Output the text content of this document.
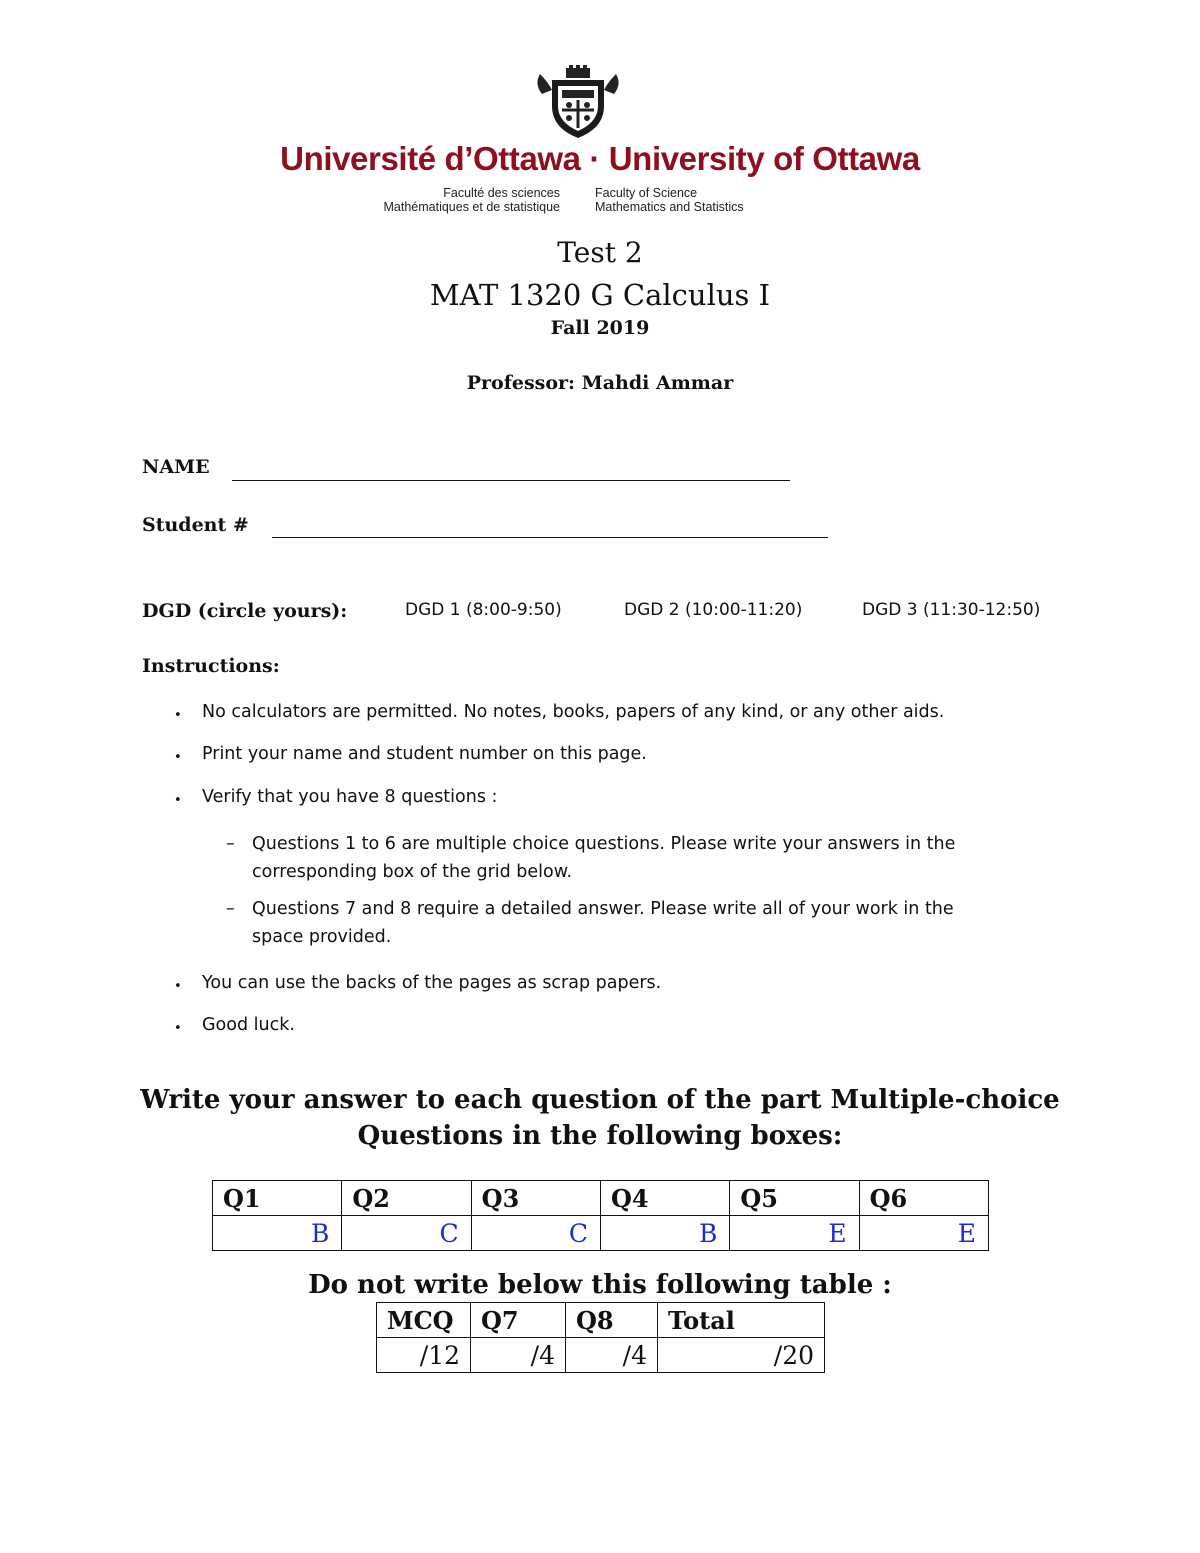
Université d’Ottawa · University of Ottawa
Faculté des sciences
Mathématiques et de statistique
Faculty of Science
Mathematics and Statistics
Test 2
MAT 1320 G Calculus I
Fall 2019
Professor: Mahdi Ammar
NAME
Student #
DGD (circle yours):	DGD 1 (8:00-9:50)	DGD 2 (10:00-11:20)	DGD 3 (11:30-12:50)
Instructions:
• No calculators are permitted. No notes, books, papers of any kind, or any other aids.
• Print your name and student number on this page.
• Verify that you have 8 questions :
– Questions 1 to 6 are multiple choice questions. Please write your answers in the
corresponding box of the grid below.
– Questions 7 and 8 require a detailed answer. Please write all of your work in the
space provided.
• You can use the backs of the pages as scrap papers.
• Good luck.
Write your answer to each question of the part Multiple-choice
Questions in the following boxes:
Q1	Q2	Q3	Q4	Q5	Q6
B	C	C	B	E	E
Do not write below this following table :
MCQ	Q7	Q8	Total
/12	/4	/4	/20
